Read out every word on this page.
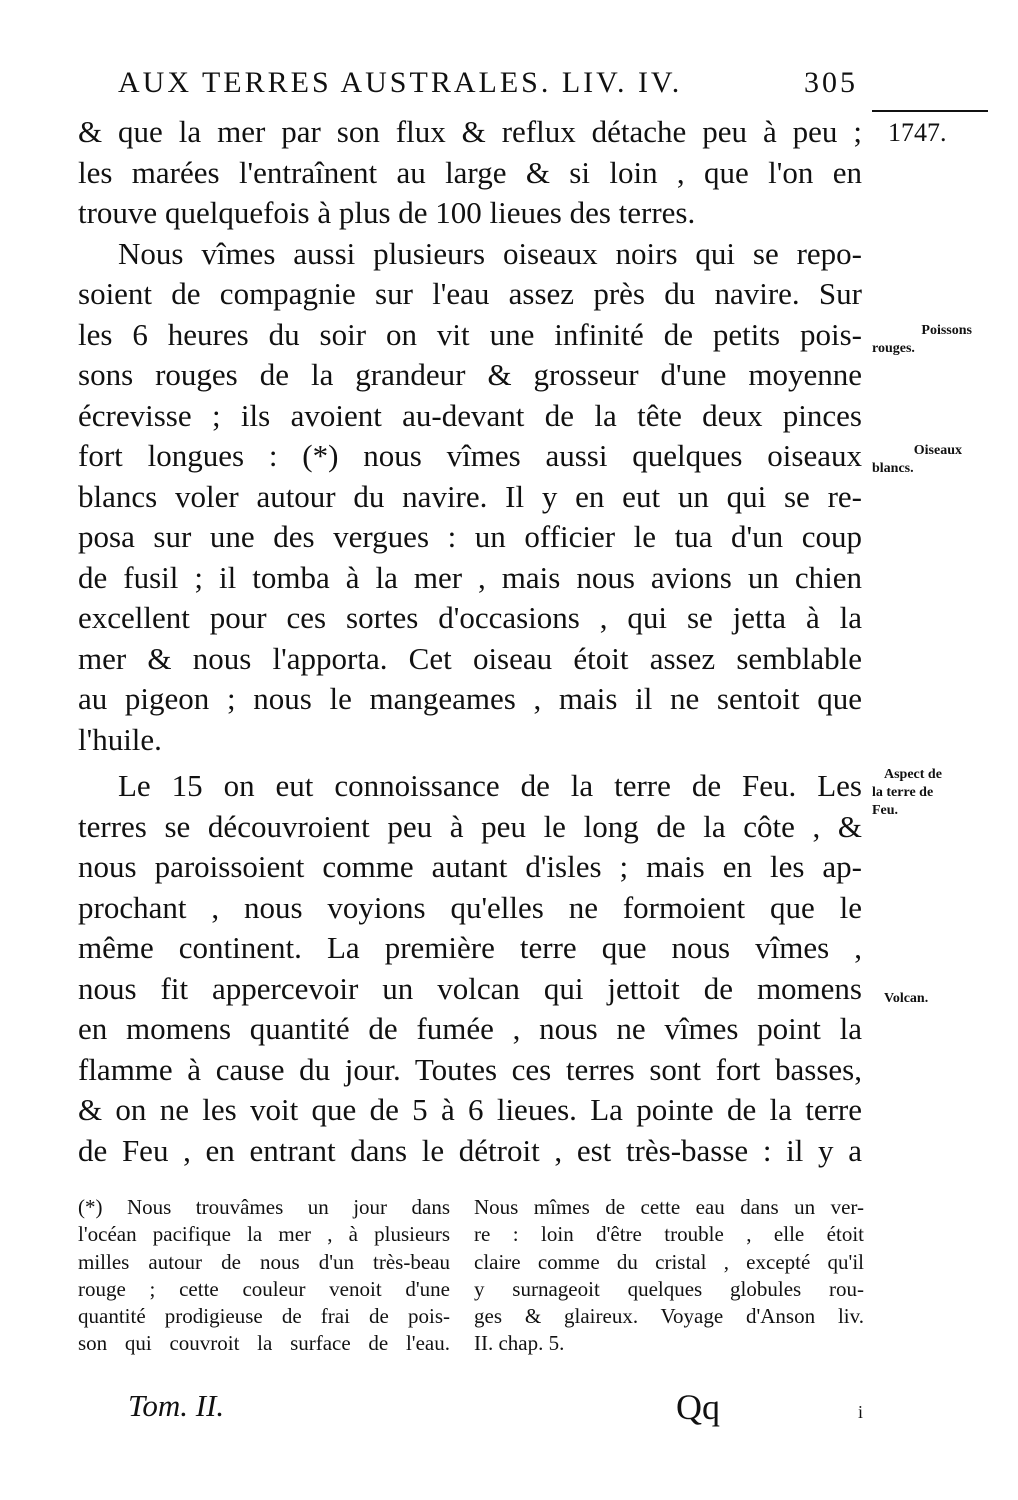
AUX TERRES AUSTRALES. LIV. IV.	305
1747.
& que la mer par son flux & reflux détache peu à peu ;
les marées l'entraînent au large & si loin , que l'on en
trouve quelquefois à plus de 100 lieues des terres.
Nous vîmes aussi plusieurs oiseaux noirs qui se repo-
soient de compagnie sur l'eau assez près du navire. Sur
les 6 heures du soir on vit une infinité de petits pois-
sons rouges de la grandeur & grosseur d'une moyenne
écrevisse ; ils avoient au-devant de la tête deux pinces
fort longues : (*) nous vîmes aussi quelques oiseaux
blancs voler autour du navire. Il y en eut un qui se re-
posa sur une des vergues : un officier le tua d'un coup
de fusil ; il tomba à la mer , mais nous avions un chien
excellent pour ces sortes d'occasions , qui se jetta à la
mer & nous l'apporta. Cet oiseau étoit assez semblable
au pigeon ; nous le mangeames , mais il ne sentoit que
l'huile.
Le 15 on eut connoissance de la terre de Feu. Les
terres se découvroient peu à peu le long de la côte , &
nous paroissoient comme autant d'isles ; mais en les ap-
prochant , nous voyions qu'elles ne formoient que le
même continent. La première terre que nous vîmes ,
nous fit appercevoir un volcan qui jettoit de momens
en momens quantité de fumée , nous ne vîmes point la
flamme à cause du jour. Toutes ces terres sont fort basses,
& on ne les voit que de 5 à 6 lieues. La pointe de la terre
de Feu , en entrant dans le détroit , est très-basse : il y a
Poissons
rouges.
Oiseaux
blancs.
Aspect de
la terre de
Feu.
Volcan.
(*) Nous trouvâmes un jour dans
l'océan pacifique la mer , à plusieurs
milles autour de nous d'un très-beau
rouge ; cette couleur venoit d'une
quantité prodigieuse de frai de pois-
son qui couvroit la surface de l'eau.
Nous mîmes de cette eau dans un ver-
re : loin d'être trouble , elle étoit
claire comme du cristal , excepté qu'il
y surnageoit quelques globules rou-
ges & glaireux. Voyage d'Anson liv.
II. chap. 5.
Tom. II.	Qq	i
